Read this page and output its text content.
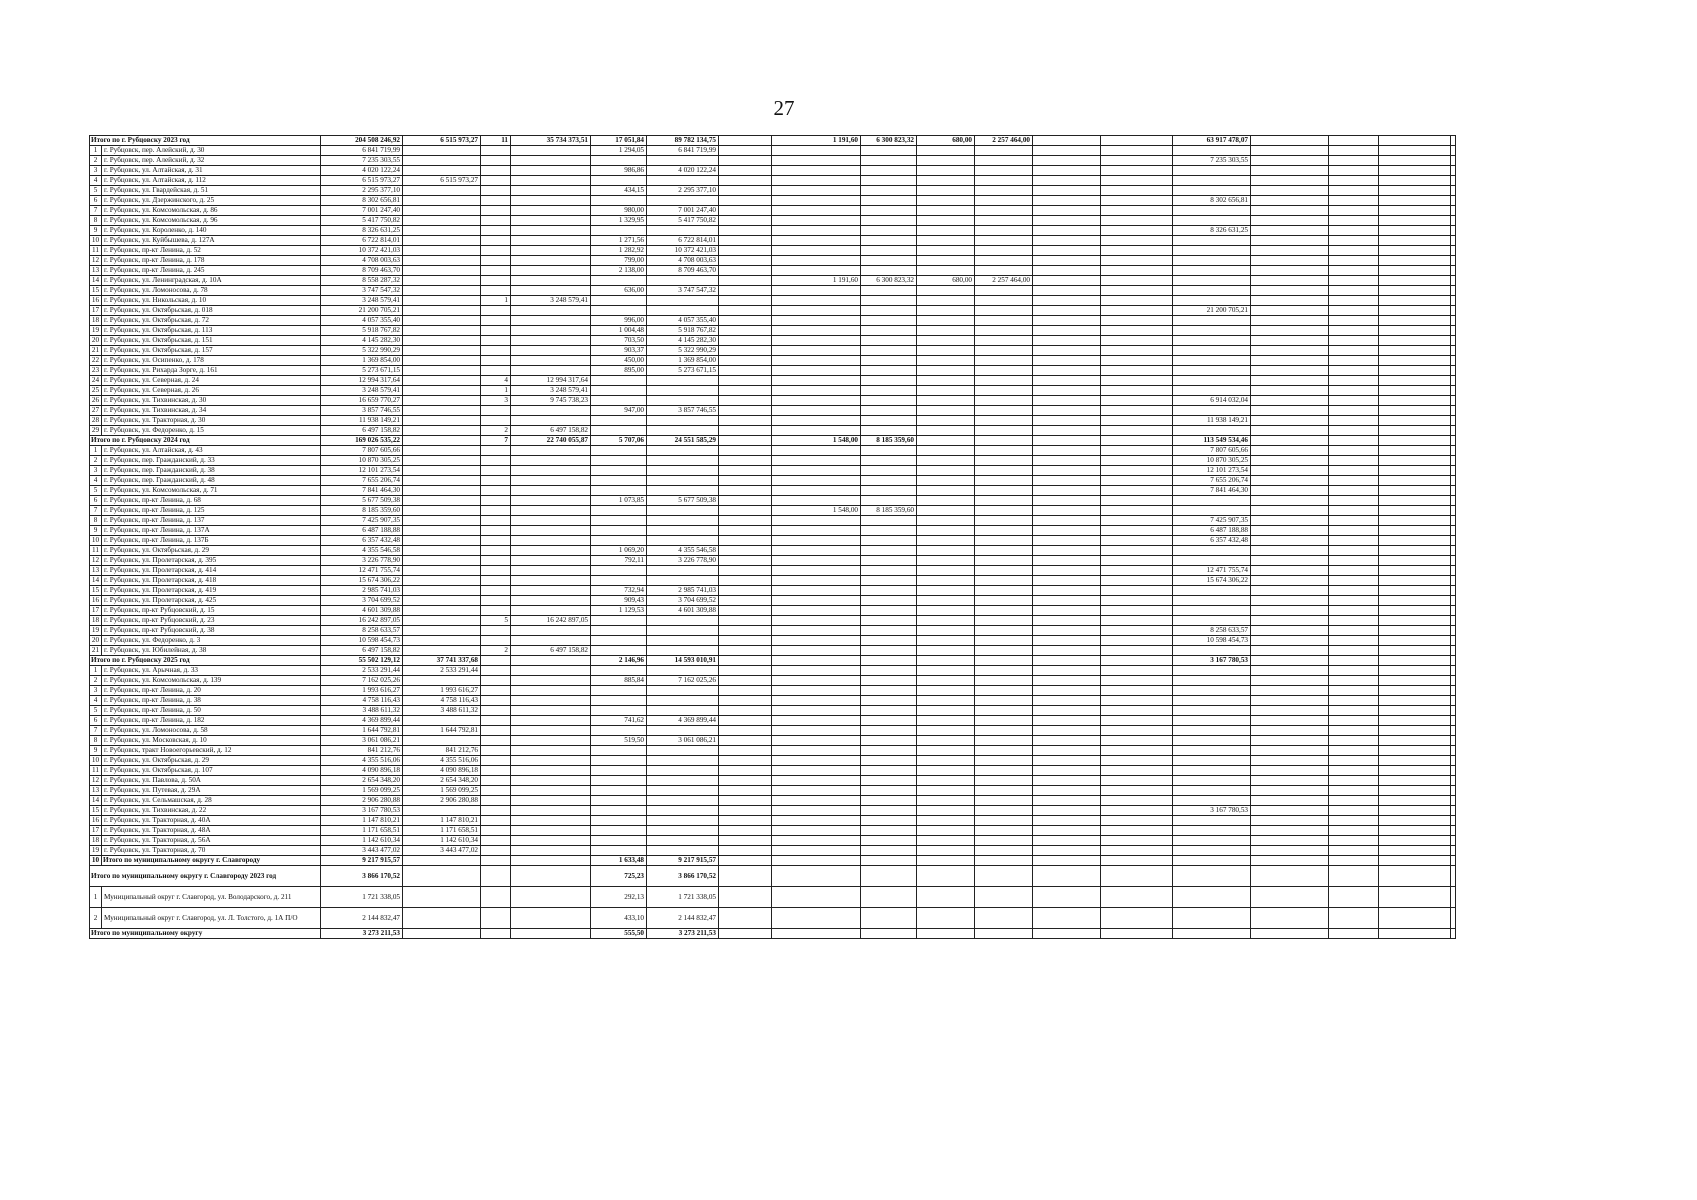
27
Итого по г. Рубцовску 2023 год		204 508 246,92	6 515 973,27	11	35 734 373,51	17 051,84	89 782 134,75		1 191,60	6 300 823,32	680,00	2 257 464,00			63 917 478,07				
1	г. Рубцовск, пер. Алейский, д. 30	6 841 719,99				1 294,05	6 841 719,99												
2	г. Рубцовск, пер. Алейский, д. 32	7 235 303,55													7 235 303,55				
3	г. Рубцовск, ул. Алтайская, д. 31	4 020 122,24				986,86	4 020 122,24												
4	г. Рубцовск, ул. Алтайская, д. 112	6 515 973,27	6 515 973,27																
5	г. Рубцовск, ул. Гвардейская, д. 51	2 295 377,10				434,15	2 295 377,10												
6	г. Рубцовск, ул. Дзержинского, д. 25	8 302 656,81													8 302 656,81				
7	г. Рубцовск, ул. Комсомольская, д. 86	7 001 247,40				980,00	7 001 247,40												
8	г. Рубцовск, ул. Комсомольская, д. 96	5 417 750,82				1 329,95	5 417 750,82												
9	г. Рубцовск, ул. Короленко, д. 140	8 326 631,25													8 326 631,25				
10	г. Рубцовск, ул. Куйбышева, д. 127А	6 722 814,01				1 271,56	6 722 814,01												
11	г. Рубцовск, пр-кт Ленина, д. 52	10 372 421,03				1 282,92	10 372 421,03												
12	г. Рубцовск, пр-кт Ленина, д. 178	4 708 003,63				799,00	4 708 003,63												
13	г. Рубцовск, пр-кт Ленина, д. 245	8 709 463,70				2 138,00	8 709 463,70												
14	г. Рубцовск, ул. Ленинградская, д. 10А	8 558 287,32							1 191,60	6 300 823,32	680,00	2 257 464,00							
15	г. Рубцовск, ул. Ломоносова, д. 78	3 747 547,32				636,00	3 747 547,32												
16	г. Рубцовск, ул. Никольская, д. 10	3 248 579,41		1	3 248 579,41														
17	г. Рубцовск, ул. Октябрьская, д. 018	21 200 705,21													21 200 705,21				
18	г. Рубцовск, ул. Октябрьская, д. 72	4 057 355,40				996,00	4 057 355,40												
19	г. Рубцовск, ул. Октябрьская, д. 113	5 918 767,82				1 004,48	5 918 767,82												
20	г. Рубцовск, ул. Октябрьская, д. 151	4 145 282,30				703,50	4 145 282,30												
21	г. Рубцовск, ул. Октябрьская, д. 157	5 322 990,29				903,37	5 322 990,29												
22	г. Рубцовск, ул. Осипенко, д. 178	1 369 854,00				450,00	1 369 854,00												
23	г. Рубцовск, ул. Рихарда Зорге, д. 161	5 273 671,15				895,00	5 273 671,15												
24	г. Рубцовск, ул. Северная, д. 24	12 994 317,64		4	12 994 317,64														
25	г. Рубцовск, ул. Северная, д. 26	3 248 579,41		1	3 248 579,41														
26	г. Рубцовск, ул. Тихвинская, д. 30	16 659 770,27		3	9 745 738,23										6 914 032,04				
27	г. Рубцовск, ул. Тихвинская, д. 34	3 857 746,55				947,00	3 857 746,55												
28	г. Рубцовск, ул. Тракторная, д. 30	11 938 149,21													11 938 149,21				
29	г. Рубцовск, ул. Федоренко, д. 15	6 497 158,82		2	6 497 158,82														
Итого по г. Рубцовску 2024 год		169 026 535,22		7	22 740 055,87	5 707,06	24 551 585,29		1 548,00	8 185 359,60					113 549 534,46				
1	г. Рубцовск, ул. Алтайская, д. 43	7 807 605,66													7 807 605,66				
2	г. Рубцовск, пер. Гражданский, д. 33	10 870 305,25													10 870 305,25				
3	г. Рубцовск, пер. Гражданский, д. 38	12 101 273,54													12 101 273,54				
4	г. Рубцовск, пер. Гражданский, д. 48	7 655 206,74													7 655 206,74				
5	г. Рубцовск, ул. Комсомольская, д. 71	7 841 464,30													7 841 464,30				
6	г. Рубцовск, пр-кт Ленина, д. 68	5 677 509,38				1 073,85	5 677 509,38												
7	г. Рубцовск, пр-кт Ленина, д. 125	8 185 359,60							1 548,00	8 185 359,60									
8	г. Рубцовск, пр-кт Ленина, д. 137	7 425 907,35													7 425 907,35				
9	г. Рубцовск, пр-кт Ленина, д. 137А	6 487 188,88													6 487 188,88				
10	г. Рубцовск, пр-кт Ленина, д. 137Б	6 357 432,48													6 357 432,48				
11	г. Рубцовск, ул. Октябрьская, д. 29	4 355 546,58				1 069,20	4 355 546,58												
12	г. Рубцовск, ул. Пролетарская, д. 395	3 226 778,90				792,11	3 226 778,90												
13	г. Рубцовск, ул. Пролетарская, д. 414	12 471 755,74													12 471 755,74				
14	г. Рубцовск, ул. Пролетарская, д. 418	15 674 306,22													15 674 306,22				
15	г. Рубцовск, ул. Пролетарская, д. 419	2 985 741,03				732,94	2 985 741,03												
16	г. Рубцовск, ул. Пролетарская, д. 425	3 704 699,52				909,43	3 704 699,52												
17	г. Рубцовск, пр-кт Рубцовский, д. 15	4 601 309,88				1 129,53	4 601 309,88												
18	г. Рубцовск, пр-кт Рубцовский, д. 23	16 242 897,05		5	16 242 897,05														
19	г. Рубцовск, пр-кт Рубцовский, д. 38	8 258 633,57													8 258 633,57				
20	г. Рубцовск, ул. Федоренко, д. 3	10 598 454,73													10 598 454,73				
21	г. Рубцовск, ул. Юбилейная, д. 38	6 497 158,82		2	6 497 158,82														
Итого по г. Рубцовску 2025 год		55 502 129,12	37 741 337,68			2 146,96	14 593 010,91								3 167 780,53				
1	г. Рубцовск, ул. Арычная, д. 33	2 533 291,44	2 533 291,44																
2	г. Рубцовск, ул. Комсомольская, д. 139	7 162 025,26				885,84	7 162 025,26												
3	г. Рубцовск, пр-кт Ленина, д. 20	1 993 616,27	1 993 616,27																
4	г. Рубцовск, пр-кт Ленина, д. 38	4 758 116,43	4 758 116,43																
5	г. Рубцовск, пр-кт Ленина, д. 50	3 488 611,32	3 488 611,32																
6	г. Рубцовск, пр-кт Ленина, д. 182	4 369 899,44				741,62	4 369 899,44												
7	г. Рубцовск, ул. Ломоносова, д. 58	1 644 792,81	1 644 792,81																
8	г. Рубцовск, ул. Московская, д. 10	3 061 086,21				519,50	3 061 086,21												
9	г. Рубцовск, тракт Новоегорьевский, д. 12	841 212,76	841 212,76																
10	г. Рубцовск, ул. Октябрьская, д. 29	4 355 516,06	4 355 516,06																
11	г. Рубцовск, ул. Октябрьская, д. 107	4 090 896,18	4 090 896,18																
12	г. Рубцовск, ул. Павлова, д. 50А	2 654 348,20	2 654 348,20																
13	г. Рубцовск, ул. Путевая, д. 29А	1 569 099,25	1 569 099,25																
14	г. Рубцовск, ул. Сельмашская, д. 28	2 906 280,88	2 906 280,88																
15	г. Рубцовск, ул. Тихвинская, д. 22	3 167 780,53													3 167 780,53				
16	г. Рубцовск, ул. Тракторная, д. 40А	1 147 810,21	1 147 810,21																
17	г. Рубцовск, ул. Тракторная, д. 48А	1 171 658,51	1 171 658,51																
18	г. Рубцовск, ул. Тракторная, д. 56А	1 142 610,34	1 142 610,34																
19	г. Рубцовск, ул. Тракторная, д. 70	3 443 477,02	3 443 477,02																
10	Итого по муниципальному округу г. Славгороду	9 217 915,57				1 633,48	9 217 915,57												
Итого по муниципальному округу г. Славгороду 2023 год		3 866 170,52				725,23	3 866 170,52												
1	Муниципальный округ г. Славгород, ул. Володарского, д. 211	1 721 338,05				292,13	1 721 338,05												
2	Муниципальный округ г. Славгород, ул. Л. Толстого, д. 1А П/О	2 144 832,47				433,10	2 144 832,47												
Итого по муниципальному округу		3 273 211,53				555,50	3 273 211,53												
